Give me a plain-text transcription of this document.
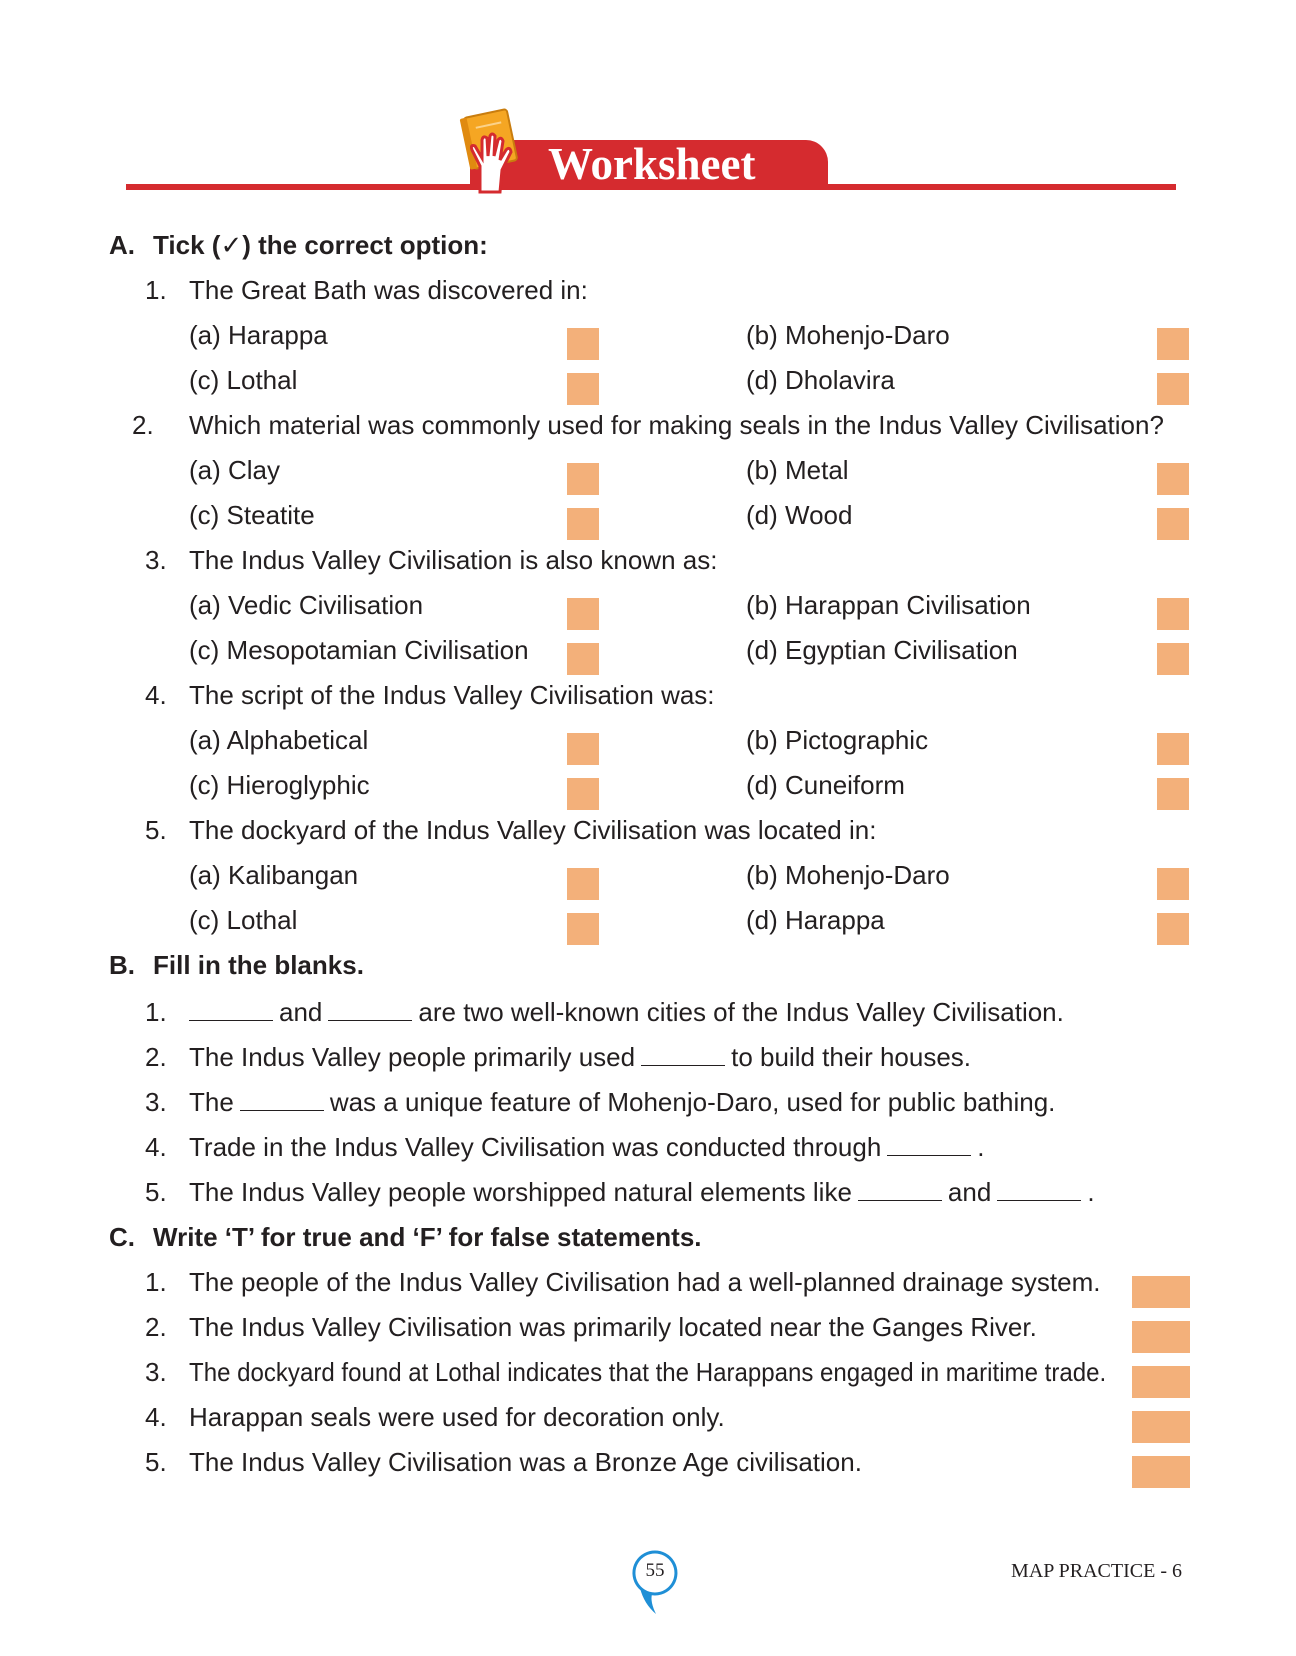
Worksheet
A. Tick (✓) the correct option:
1. The Great Bath was discovered in:
(a) Harappa	(b) Mohenjo-Daro
(c) Lothal	(d) Dholavira
2. Which material was commonly used for making seals in the Indus Valley Civilisation?
(a) Clay	(b) Metal
(c) Steatite	(d) Wood
3. The Indus Valley Civilisation is also known as:
(a) Vedic Civilisation	(b) Harappan Civilisation
(c) Mesopotamian Civilisation	(d) Egyptian Civilisation
4. The script of the Indus Valley Civilisation was:
(a) Alphabetical	(b) Pictographic
(c) Hieroglyphic	(d) Cuneiform
5. The dockyard of the Indus Valley Civilisation was located in:
(a) Kalibangan	(b) Mohenjo-Daro
(c) Lothal	(d) Harappa
B. Fill in the blanks.
1.	and	are two well-known cities of the Indus Valley Civilisation.
2. The Indus Valley people primarily used	to build their houses.
3. The	was a unique feature of Mohenjo-Daro, used for public bathing.
4. Trade in the Indus Valley Civilisation was conducted through	.
5. The Indus Valley people worshipped natural elements like	and	.
C. Write ‘T’ for true and ‘F’ for false statements.
1. The people of the Indus Valley Civilisation had a well-planned drainage system.
2. The Indus Valley Civilisation was primarily located near the Ganges River.
3. The dockyard found at Lothal indicates that the Harappans engaged in maritime trade.
4. Harappan seals were used for decoration only.
5. The Indus Valley Civilisation was a Bronze Age civilisation.
55	MAP PRACTICE - 6
